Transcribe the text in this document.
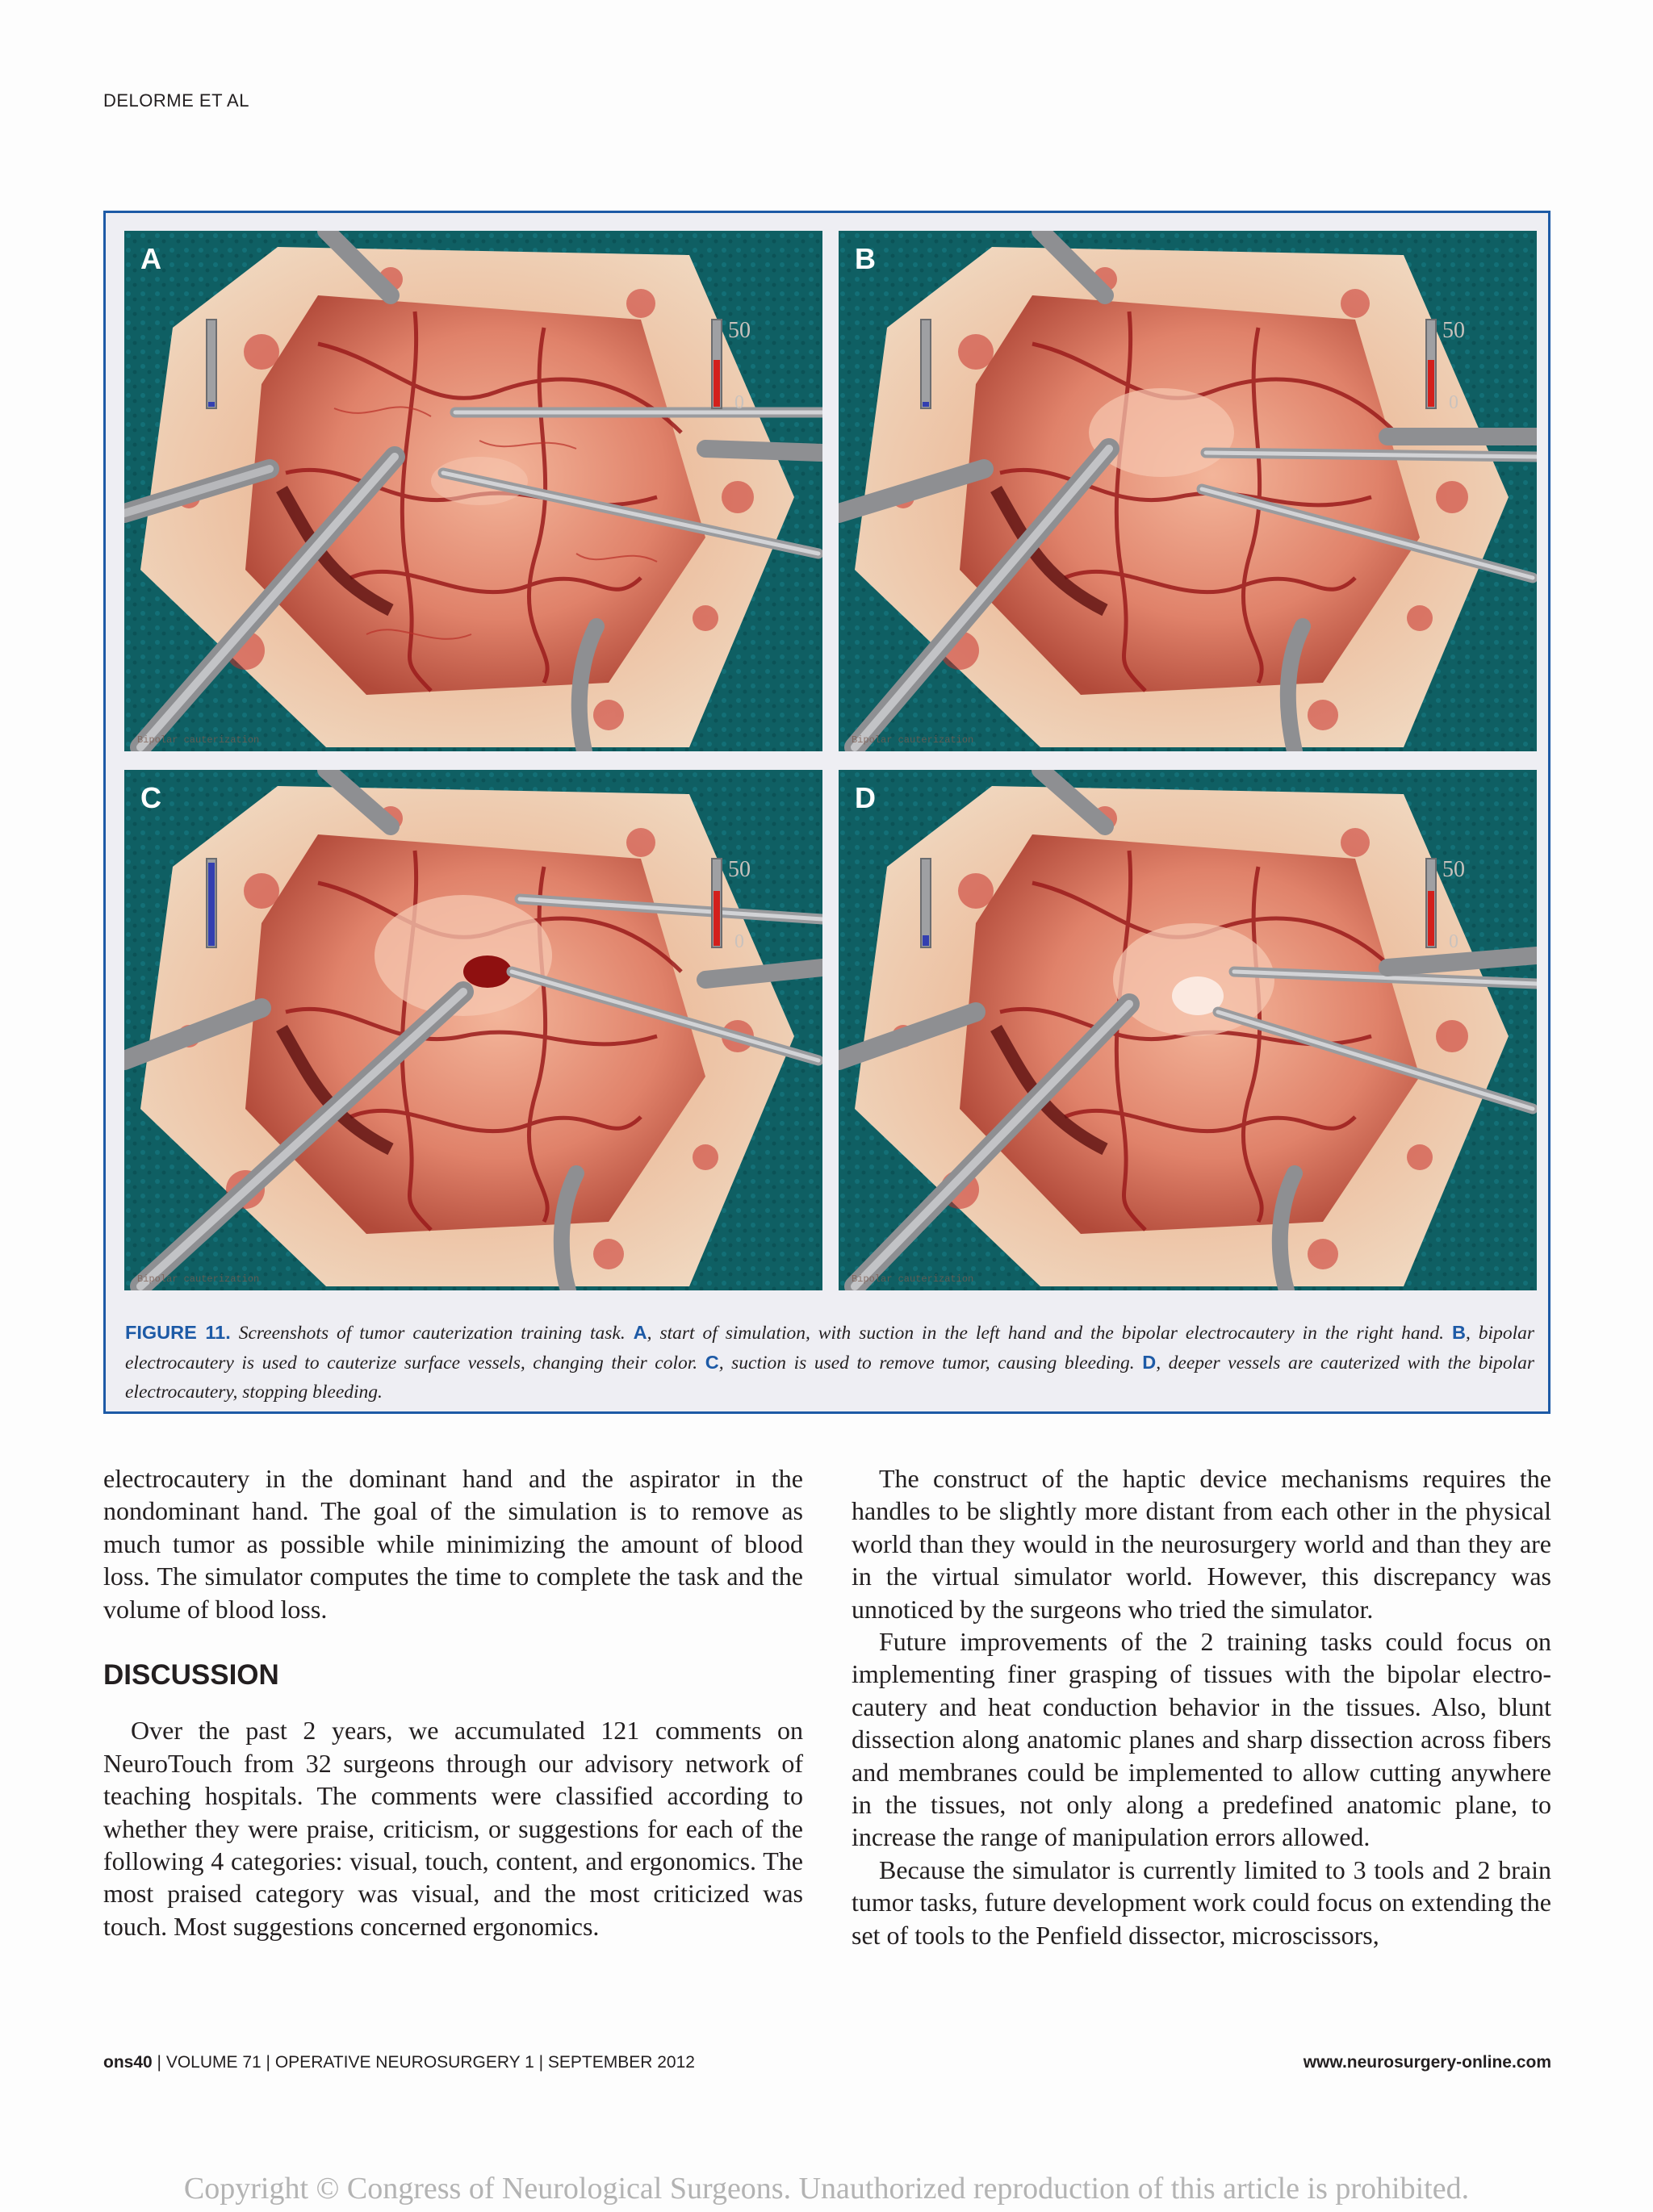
DELORME ET AL
50
0
Bipolar cauterization
A
50
0
Bipolar cauterization
B
50
0
Bipolar cauterization
C
50
0
Bipolar cauterization
D
FIGURE 11. Screenshots of tumor cauterization training task. A, start of simulation, with suction in the left hand and the bipolar electrocautery in the right hand. B, bipolar electrocautery is used to cauterize surface vessels, changing their color. C, suction is used to remove tumor, causing bleeding. D, deeper vessels are cauterized with the bipolar electrocautery, stopping bleeding.

electrocautery in the dominant hand and the aspirator in the nondominant hand. The goal of the simulation is to remove as much tumor as possible while minimizing the amount of blood loss. The simulator computes the time to complete the task and the volume of blood loss.

DISCUSSION

Over the past 2 years, we accumulated 121 comments on NeuroTouch from 32 surgeons through our advisory network of teaching hospitals. The comments were classified according to whether they were praise, criticism, or suggestions for each of the following 4 categories: visual, touch, content, and ergonomics. The most praised category was visual, and the most criticized was touch. Most suggestions concerned ergonomics.

The construct of the haptic device mechanisms requires the handles to be slightly more distant from each other in the physical world than they would in the neurosurgery world and than they are in the virtual simulator world. However, this discrepancy was unnoticed by the surgeons who tried the simulator.

Future improvements of the 2 training tasks could focus on implementing finer grasping of tissues with the bipolar electro-cautery and heat conduction behavior in the tissues. Also, blunt dissection along anatomic planes and sharp dissection across fibers and membranes could be implemented to allow cutting anywhere in the tissues, not only along a predefined anatomic plane, to increase the range of manipulation errors allowed.

Because the simulator is currently limited to 3 tools and 2 brain tumor tasks, future development work could focus on extending the set of tools to the Penfield dissector, microscissors,

ons40 | VOLUME 71 | OPERATIVE NEUROSURGERY 1 | SEPTEMBER 2012	www.neurosurgery-online.com
Copyright © Congress of Neurological Surgeons. Unauthorized reproduction of this article is prohibited.
